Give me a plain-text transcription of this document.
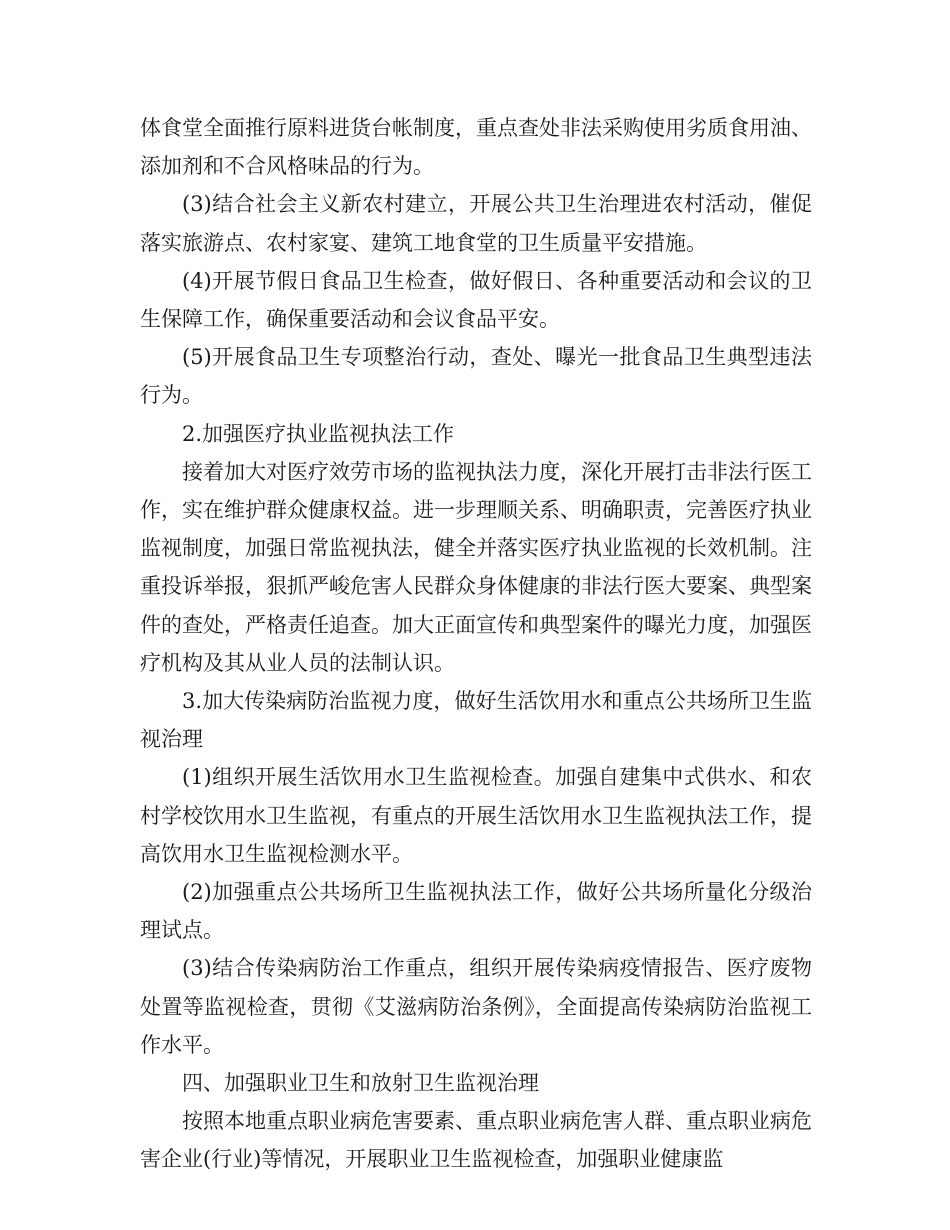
体食堂全面推行原料进货台帐制度，重点查处非法采购使用劣质食用油、添加剂和不合风格味品的行为。

(3)结合社会主义新农村建立，开展公共卫生治理进农村活动，催促落实旅游点、农村家宴、建筑工地食堂的卫生质量平安措施。

(4)开展节假日食品卫生检查，做好假日、各种重要活动和会议的卫生保障工作，确保重要活动和会议食品平安。

(5)开展食品卫生专项整治行动，查处、曝光一批食品卫生典型违法行为。

2.加强医疗执业监视执法工作

接着加大对医疗效劳市场的监视执法力度，深化开展打击非法行医工作，实在维护群众健康权益。进一步理顺关系、明确职责，完善医疗执业监视制度，加强日常监视执法，健全并落实医疗执业监视的长效机制。注重投诉举报，狠抓严峻危害人民群众身体健康的非法行医大要案、典型案件的查处，严格责任追查。加大正面宣传和典型案件的曝光力度，加强医疗机构及其从业人员的法制认识。

3.加大传染病防治监视力度，做好生活饮用水和重点公共场所卫生监视治理

(1)组织开展生活饮用水卫生监视检查。加强自建集中式供水、和农村学校饮用水卫生监视，有重点的开展生活饮用水卫生监视执法工作，提高饮用水卫生监视检测水平。

(2)加强重点公共场所卫生监视执法工作，做好公共场所量化分级治理试点。

(3)结合传染病防治工作重点，组织开展传染病疫情报告、医疗废物处置等监视检查，贯彻《艾滋病防治条例》，全面提高传染病防治监视工作水平。

四、加强职业卫生和放射卫生监视治理

按照本地重点职业病危害要素、重点职业病危害人群、重点职业病危害企业(行业)等情况，开展职业卫生监视检查，加强职业健康监
